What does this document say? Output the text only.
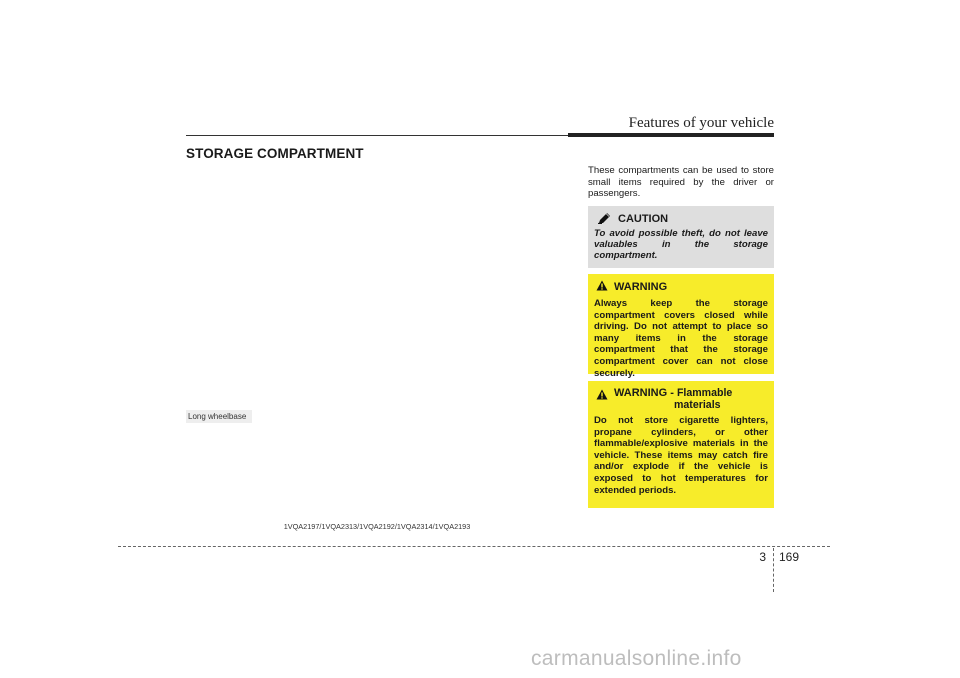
Features of your vehicle
STORAGE COMPARTMENT

These compartments can be used to store small items required by the driver or passengers.

Long wheelbase
1VQA2197/1VQA2313/1VQA2192/1VQA2314/1VQA2193
CAUTION

To avoid possible theft, do not leave valuables in the storage compartment.

WARNING

Always keep the storage compartment covers closed while driving. Do not attempt to place so many items in the storage compartment that the storage compartment cover can not close securely.

WARNING - Flammable
materials

Do not store cigarette lighters, propane cylinders, or other flammable/explosive materials in the vehicle. These items may catch fire and/or explode if the vehicle is exposed to hot temperatures for extended periods.

3 169
carmanualsonline.info
